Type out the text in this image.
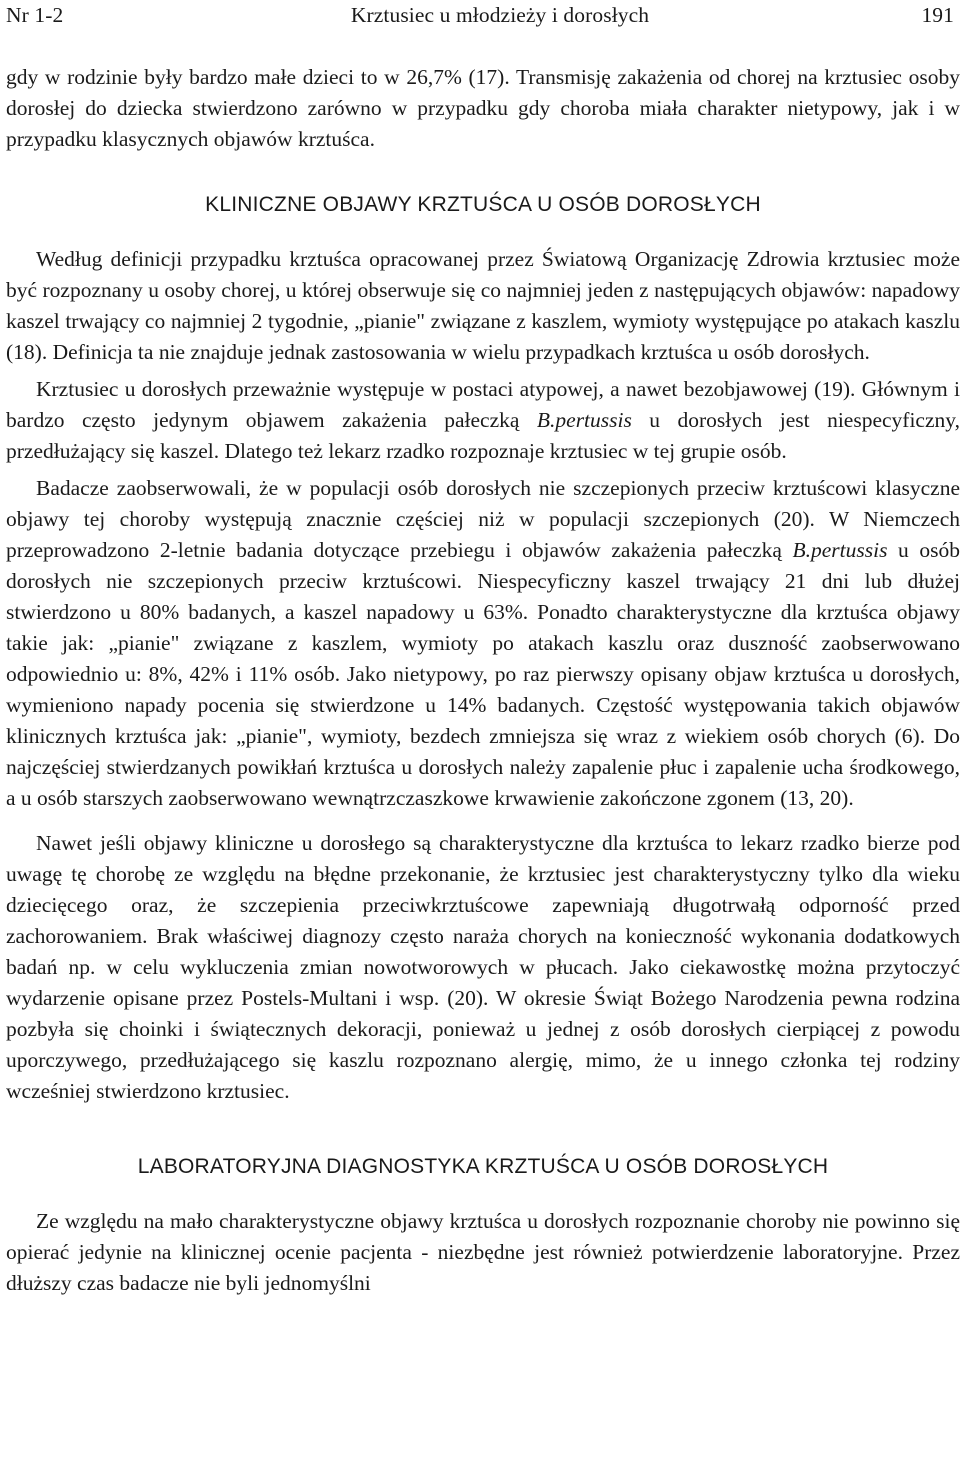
Nr 1-2	Krztusiec u młodzieży i dorosłych	191

gdy w rodzinie były bardzo małe dzieci to w 26,7% (17). Transmisję zakażenia od chorej na krztusiec osoby dorosłej do dziecka stwierdzono zarówno w przypadku gdy choroba miała charakter nietypowy, jak i w przypadku klasycznych objawów krztuśca.

KLINICZNE OBJAWY KRZTUŚCA U OSÓB DOROSŁYCH

Według definicji przypadku krztuśca opracowanej przez Światową Organizację Zdrowia krztusiec może być rozpoznany u osoby chorej, u której obserwuje się co najmniej jeden z następujących objawów: napadowy kaszel trwający co najmniej 2 tygodnie, „pianie" związane z kaszlem, wymioty występujące po atakach kaszlu (18). Definicja ta nie znajduje jednak zastosowania w wielu przypadkach krztuśca u osób dorosłych.

Krztusiec u dorosłych przeważnie występuje w postaci atypowej, a nawet bezobjawowej (19). Głównym i bardzo często jedynym objawem zakażenia pałeczką B.pertussis u dorosłych jest niespecyficzny, przedłużający się kaszel. Dlatego też lekarz rzadko rozpoznaje krztusiec w tej grupie osób.

Badacze zaobserwowali, że w populacji osób dorosłych nie szczepionych przeciw krztuścowi klasyczne objawy tej choroby występują znacznie częściej niż w populacji szczepionych (20). W Niemczech przeprowadzono 2-letnie badania dotyczące przebiegu i objawów zakażenia pałeczką B.pertussis u osób dorosłych nie szczepionych przeciw krztuścowi. Niespecyficzny kaszel trwający 21 dni lub dłużej stwierdzono u 80% badanych, a kaszel napadowy u 63%. Ponadto charakterystyczne dla krztuśca objawy takie jak: „pianie" związane z kaszlem, wymioty po atakach kaszlu oraz duszność zaobserwowano odpowiednio u: 8%, 42% i 11% osób. Jako nietypowy, po raz pierwszy opisany objaw krztuśca u dorosłych, wymieniono napady pocenia się stwierdzone u 14% badanych. Częstość występowania takich objawów klinicznych krztuśca jak: „pianie", wymioty, bezdech zmniejsza się wraz z wiekiem osób chorych (6). Do najczęściej stwierdzanych powikłań krztuśca u dorosłych należy zapalenie płuc i zapalenie ucha środkowego, a u osób starszych zaobserwowano wewnątrzczaszkowe krwawienie zakończone zgonem (13, 20).

Nawet jeśli objawy kliniczne u dorosłego są charakterystyczne dla krztuśca to lekarz rzadko bierze pod uwagę tę chorobę ze względu na błędne przekonanie, że krztusiec jest charakterystyczny tylko dla wieku dziecięcego oraz, że szczepienia przeciwkrztuścowe zapewniają długotrwałą odporność przed zachorowaniem. Brak właściwej diagnozy często naraża chorych na konieczność wykonania dodatkowych badań np. w celu wykluczenia zmian nowotworowych w płucach. Jako ciekawostkę można przytoczyć wydarzenie opisane przez Postels-Multani i wsp. (20). W okresie Świąt Bożego Narodzenia pewna rodzina pozbyła się choinki i świątecznych dekoracji, ponieważ u jednej z osób dorosłych cierpiącej z powodu uporczywego, przedłużającego się kaszlu rozpoznano alergię, mimo, że u innego członka tej rodziny wcześniej stwierdzono krztusiec.

LABORATORYJNA DIAGNOSTYKA KRZTUŚCA U OSÓB DOROSŁYCH

Ze względu na mało charakterystyczne objawy krztuśca u dorosłych rozpoznanie choroby nie powinno się opierać jedynie na klinicznej ocenie pacjenta - niezbędne jest również potwierdzenie laboratoryjne. Przez dłuższy czas badacze nie byli jednomyślni
